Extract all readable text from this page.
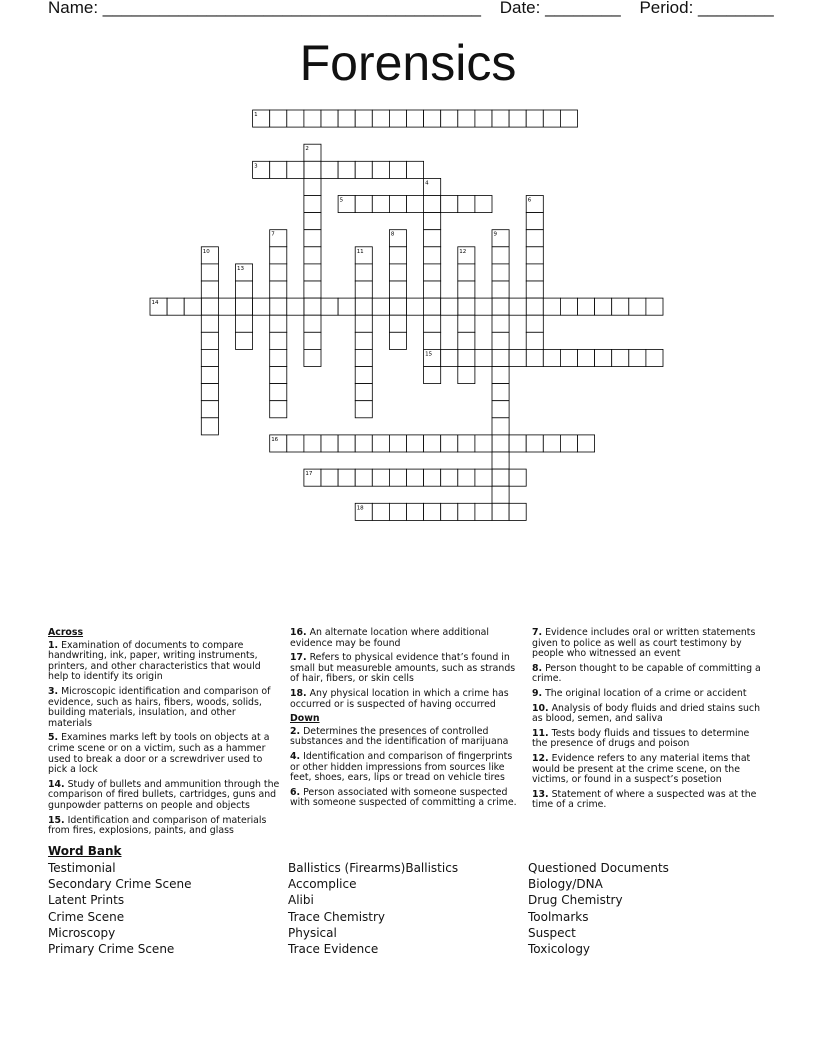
Name: ________________________________________ Date: ________ Period: ________
Forensics
1
2
3
4
5	6
7	8	9
10	11	12
13
14
15
16
17
18

Across

1. Examination of documents to compare handwriting, ink, paper, writing instruments, printers, and other characteristics that would help to identify its origin

3. Microscopic identification and comparison of evidence, such as hairs, fibers, woods, solids, building materials, insulation, and other materials

5. Examines marks left by tools on objects at a crime scene or on a victim, such as a hammer used to break a door or a screwdriver used to pick a lock

14. Study of bullets and ammunition through the comparison of fired bullets, cartridges, guns and gunpowder patterns on people and objects

15. Identification and comparison of materials from fires, explosions, paints, and glass

16. An alternate location where additional evidence may be found

17. Refers to physical evidence that’s found in small but measureble amounts, such as strands of hair, fibers, or skin cells

18. Any physical location in which a crime has occurred or is suspected of having occurred

Down

2. Determines the presences of controlled substances and the identification of marijuana

4. Identification and comparison of fingerprints or other hidden impressions from sources like feet, shoes, ears, lips or tread on vehicle tires

6. Person associated with someone suspected with someone suspected of committing a crime.

7. Evidence includes oral or written statements given to police as well as court testimony by people who witnessed an event

8. Person thought to be capable of committing a crime.

9. The original location of a crime or accident

10. Analysis of body fluids and dried stains such as blood, semen, and saliva

11. Tests body fluids and tissues to determine the presence of drugs and poison

12. Evidence refers to any material items that would be present at the crime scene, on the victims, or found in a suspect’s posetion

13. Statement of where a suspected was at the time of a crime.

Word Bank
Testimonial
Secondary Crime Scene
Latent Prints
Crime Scene
Microscopy
Primary Crime Scene
Ballistics (Firearms)Ballistics
Accomplice
Alibi
Trace Chemistry
Physical
Trace Evidence
Questioned Documents
Biology/DNA
Drug Chemistry
Toolmarks
Suspect
Toxicology
